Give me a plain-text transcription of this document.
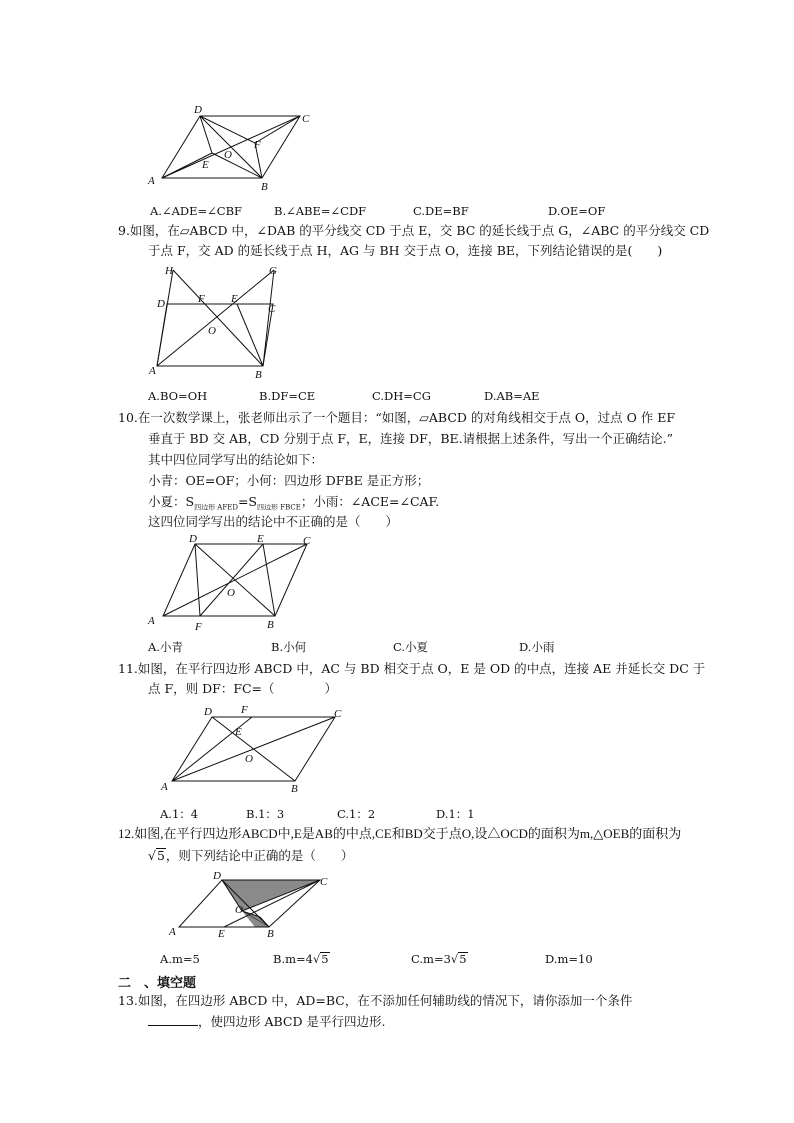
D
C
A	B
E
O
F
A.∠ADE=∠CBF	B.∠ABE=∠CDF	C.DE=BF	D.OE=OF
9.如图，在▱ABCD 中，∠DAB 的平分线交 CD 于点 E，交 BC 的延长线于点 G，∠ABC 的平分线交 CD
于点 F，交 AD 的延长线于点 H，AG 与 BH 交于点 O，连接 BE，下列结论错误的是(　　)
H	G
D	F E
C
O
A	B
A.BO=OH	B.DF=CE	C.DH=CG	D.AB=AE
10.在一次数学课上，张老师出示了一个题目：“如图，▱ABCD 的对角线相交于点 O，过点 O 作 EF
垂直于 BD 交 AB，CD 分别于点 F，E，连接 DF，BE.请根据上述条件，写出一个正确结论.”
其中四位同学写出的结论如下：
小青：OE=OF；小何：四边形 DFBE 是正方形；
小夏：$S_{四边形 AFED}=S_{四边形 FBCE}$；小雨：∠ACE=∠CAF.
这四位同学写出的结论中不正确的是（　　）
D	E	C
O
A	F	B
A.小青	B.小何	C.小夏	D.小雨
11.如图，在平行四边形 ABCD 中，AC 与 BD 相交于点 O，E 是 OD 的中点，连接 AE 并延长交 DC 于
点 F，则 DF：FC=（　　　　）
D	F	C
E
O
A	B
A.1：4	B.1：3	C.1：2	D.1：1
12.如图,在平行四边形ABCD中,E是AB的中点,CE和BD交于点O,设△OCD的面积为m,△OEB的面积为
√5，则下列结论中正确的是（　　）
D	C
O
A	E	B
A.m=5	B.m=4√5	C.m=3√5	D.m=10
二　、填空题
13.如图，在四边形 ABCD 中，AD=BC，在不添加任何辅助线的情况下，请你添加一个条件
，使四边形 ABCD 是平行四边形.
